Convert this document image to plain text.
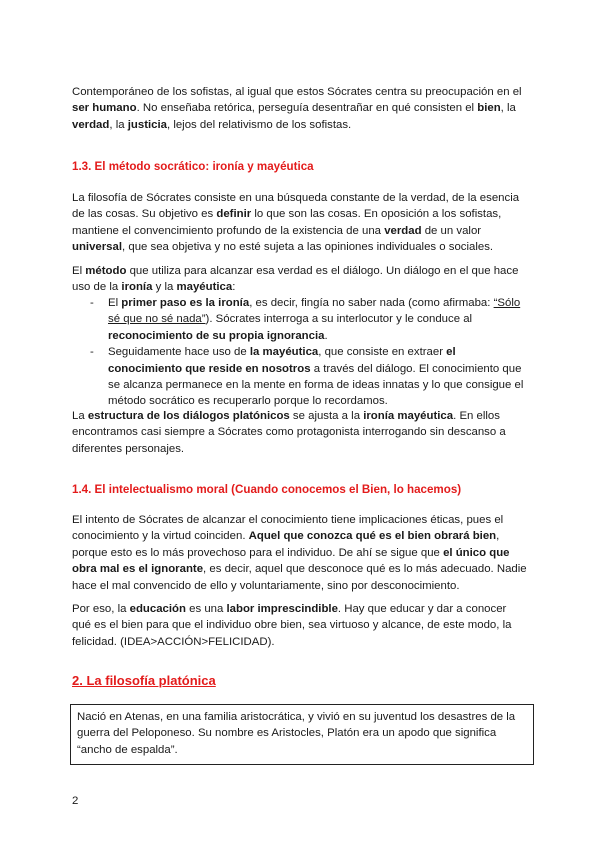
Contemporáneo de los sofistas, al igual que estos Sócrates centra su preocupación en el ser humano. No enseñaba retórica, perseguía desentrañar en qué consisten el bien, la verdad, la justicia, lejos del relativismo de los sofistas.

1.3. El método socrático: ironía y mayéutica

La filosofía de Sócrates consiste en una búsqueda constante de la verdad, de la esencia de las cosas. Su objetivo es definir lo que son las cosas. En oposición a los sofistas, mantiene el convencimiento profundo de la existencia de una verdad de un valor universal, que sea objetiva y no esté sujeta a las opiniones individuales o sociales.

El método que utiliza para alcanzar esa verdad es el diálogo. Un diálogo en el que hace uso de la ironía y la mayéutica:

- El primer paso es la ironía, es decir, fingía no saber nada (como afirmaba: “Sólo sé que no sé nada”). Sócrates interroga a su interlocutor y le conduce al reconocimiento de su propia ignorancia.
- Seguidamente hace uso de la mayéutica, que consiste en extraer el conocimiento que reside en nosotros a través del diálogo. El conocimiento que se alcanza permanece en la mente en forma de ideas innatas y lo que consigue el método socrático es recuperarlo porque lo recordamos.

La estructura de los diálogos platónicos se ajusta a la ironía mayéutica. En ellos encontramos casi siempre a Sócrates como protagonista interrogando sin descanso a diferentes personajes.

1.4. El intelectualismo moral (Cuando conocemos el Bien, lo hacemos)

El intento de Sócrates de alcanzar el conocimiento tiene implicaciones éticas, pues el conocimiento y la virtud coinciden. Aquel que conozca qué es el bien obrará bien, porque esto es lo más provechoso para el individuo. De ahí se sigue que el único que obra mal es el ignorante, es decir, aquel que desconoce qué es lo más adecuado. Nadie hace el mal convencido de ello y voluntariamente, sino por desconocimiento.

Por eso, la educación es una labor imprescindible. Hay que educar y dar a conocer qué es el bien para que el individuo obre bien, sea virtuoso y alcance, de este modo, la felicidad. (IDEA>ACCIÓN>FELICIDAD).

2. La filosofía platónica
Nació en Atenas, en una familia aristocrática, y vivió en su juventud los desastres de la guerra del Peloponeso. Su nombre es Aristocles, Platón era un apodo que significa “ancho de espalda”.
2
